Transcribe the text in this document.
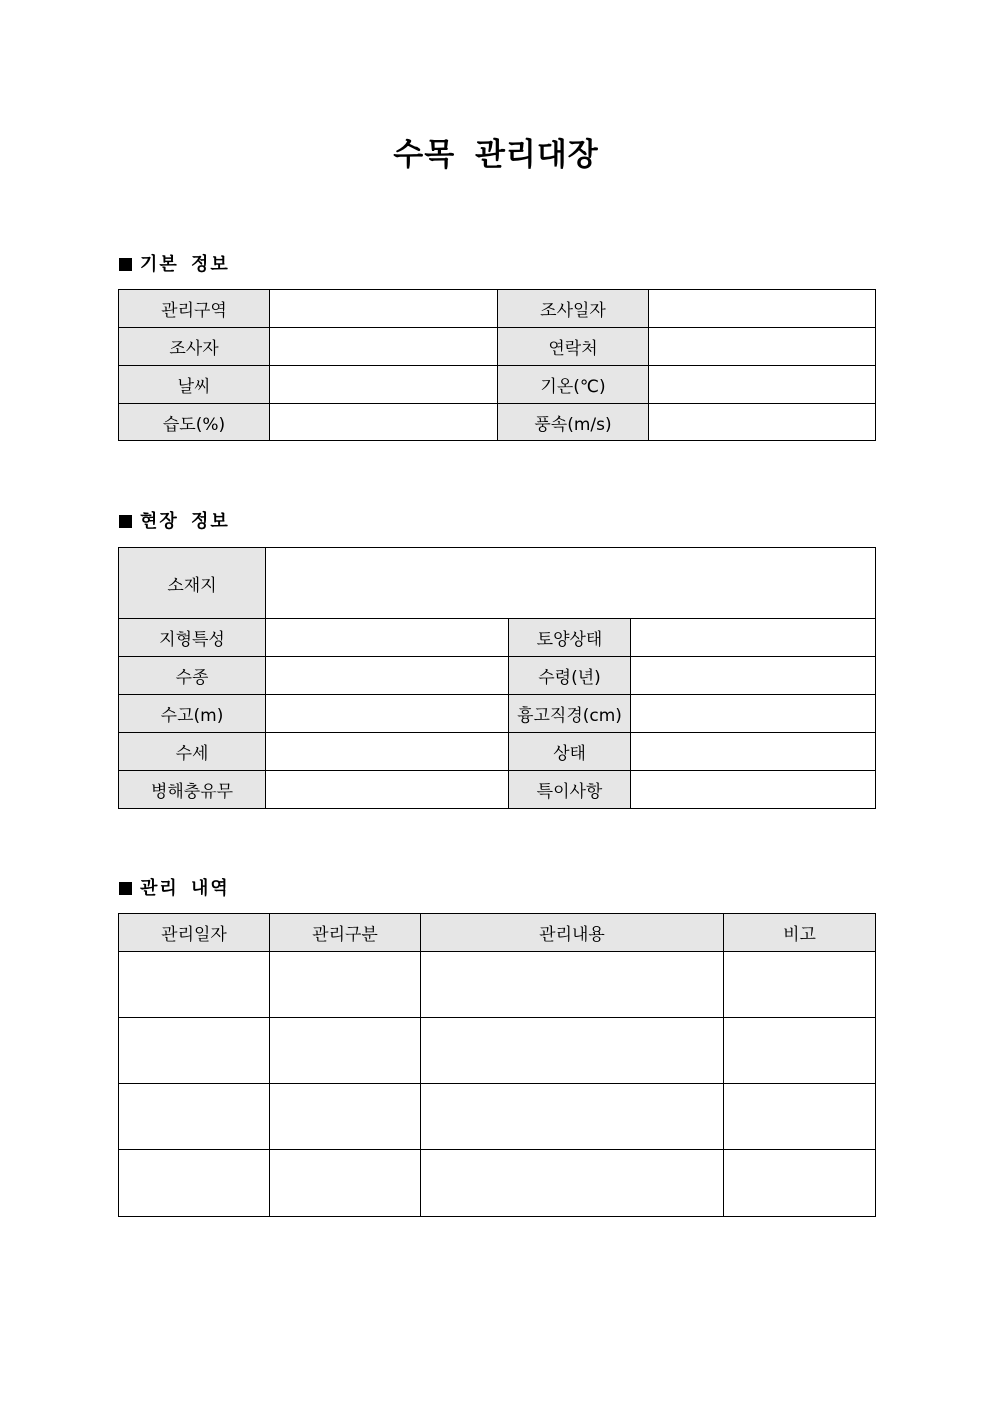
수목 관리대장
기본 정보
관리구역		조사일자	
조사자		연락처	
날씨		기온(℃)	
습도(%)		풍속(m/s)	
현장 정보
소재지			
지형특성		토양상태	
수종		수령(년)	
수고(m)		흉고직경(cm)	
수세		상태	
병해충유무		특이사항	
관리 내역
관리일자	관리구분	관리내용	비고
